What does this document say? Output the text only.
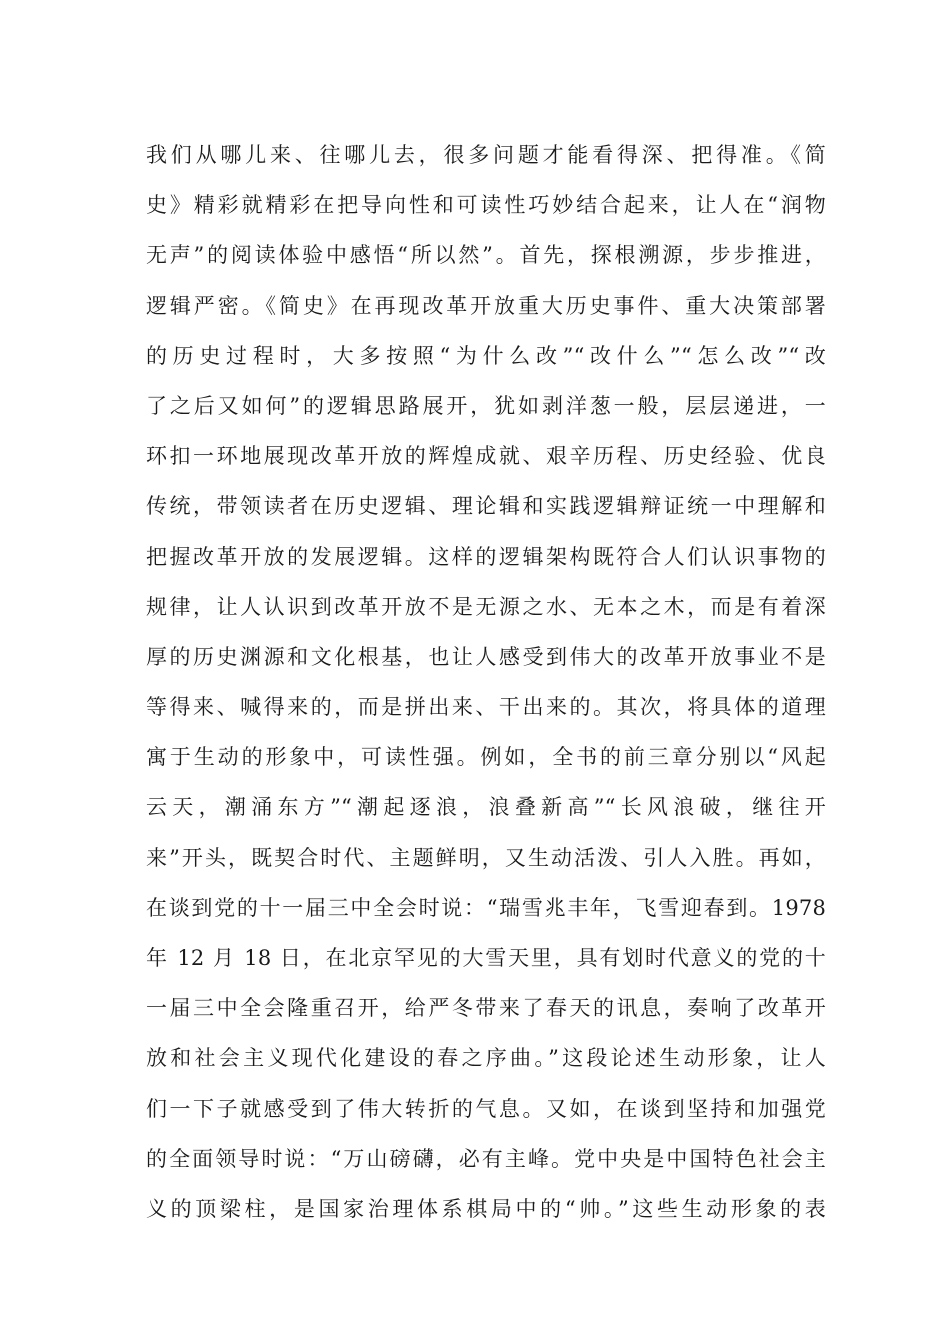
我们从哪儿来、往哪儿去，很多问题才能看得深、把得准。《简
史》精彩就精彩在把导向性和可读性巧妙结合起来，让人在“润物
无声”的阅读体验中感悟“所以然”。首先，探根溯源，步步推进，
逻辑严密。《简史》在再现改革开放重大历史事件、重大决策部署
的历史过程时，大多按照“为什么改”“改什么”“怎么改”“改
了之后又如何”的逻辑思路展开，犹如剥洋葱一般，层层递进，一
环扣一环地展现改革开放的辉煌成就、艰辛历程、历史经验、优良
传统，带领读者在历史逻辑、理论辑和实践逻辑辩证统一中理解和
把握改革开放的发展逻辑。这样的逻辑架构既符合人们认识事物的
规律，让人认识到改革开放不是无源之水、无本之木，而是有着深
厚的历史渊源和文化根基，也让人感受到伟大的改革开放事业不是
等得来、喊得来的，而是拼出来、干出来的。其次，将具体的道理
寓于生动的形象中，可读性强。例如，全书的前三章分别以“风起
云天，潮涌东方”“潮起逐浪，浪叠新高”“长风浪破，继往开
来”开头，既契合时代、主题鲜明，又生动活泼、引人入胜。再如，
在谈到党的十一届三中全会时说：“瑞雪兆丰年，飞雪迎春到。1978
年 12 月 18 日，在北京罕见的大雪天里，具有划时代意义的党的十
一届三中全会隆重召开，给严冬带来了春天的讯息，奏响了改革开
放和社会主义现代化建设的春之序曲。”这段论述生动形象，让人
们一下子就感受到了伟大转折的气息。又如，在谈到坚持和加强党
的全面领导时说：“万山磅礴，必有主峰。党中央是中国特色社会主
义的顶梁柱，是国家治理体系棋局中的“帅。”这些生动形象的表
